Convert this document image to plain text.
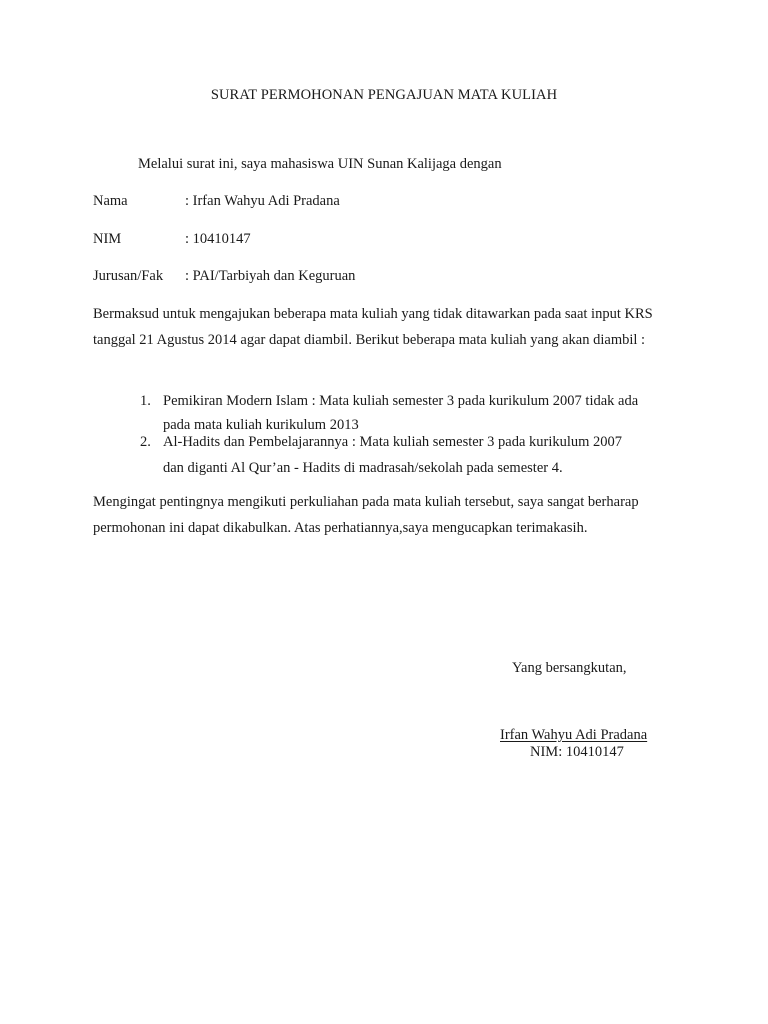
SURAT PERMOHONAN PENGAJUAN MATA KULIAH
Melalui surat ini, saya mahasiswa UIN Sunan Kalijaga dengan
Nama	: Irfan Wahyu Adi Pradana
NIM	: 10410147
Jurusan/Fak : PAI/Tarbiyah dan Keguruan
Bermaksud untuk mengajukan beberapa mata kuliah yang tidak ditawarkan pada saat input KRS tanggal 21 Agustus 2014 agar dapat diambil. Berikut beberapa mata kuliah yang akan diambil :
1. Pemikiran Modern Islam : Mata kuliah semester 3 pada kurikulum 2007 tidak ada
pada mata kuliah kurikulum 2013
2. Al-Hadits dan Pembelajarannya : Mata kuliah semester 3 pada kurikulum 2007
dan diganti Al Qur’an - Hadits di madrasah/sekolah pada semester 4.
Mengingat pentingnya mengikuti perkuliahan pada mata kuliah tersebut, saya sangat berharap permohonan ini dapat dikabulkan. Atas perhatiannya,saya mengucapkan terimakasih.
Yang bersangkutan,
Irfan Wahyu Adi Pradana
NIM: 10410147
